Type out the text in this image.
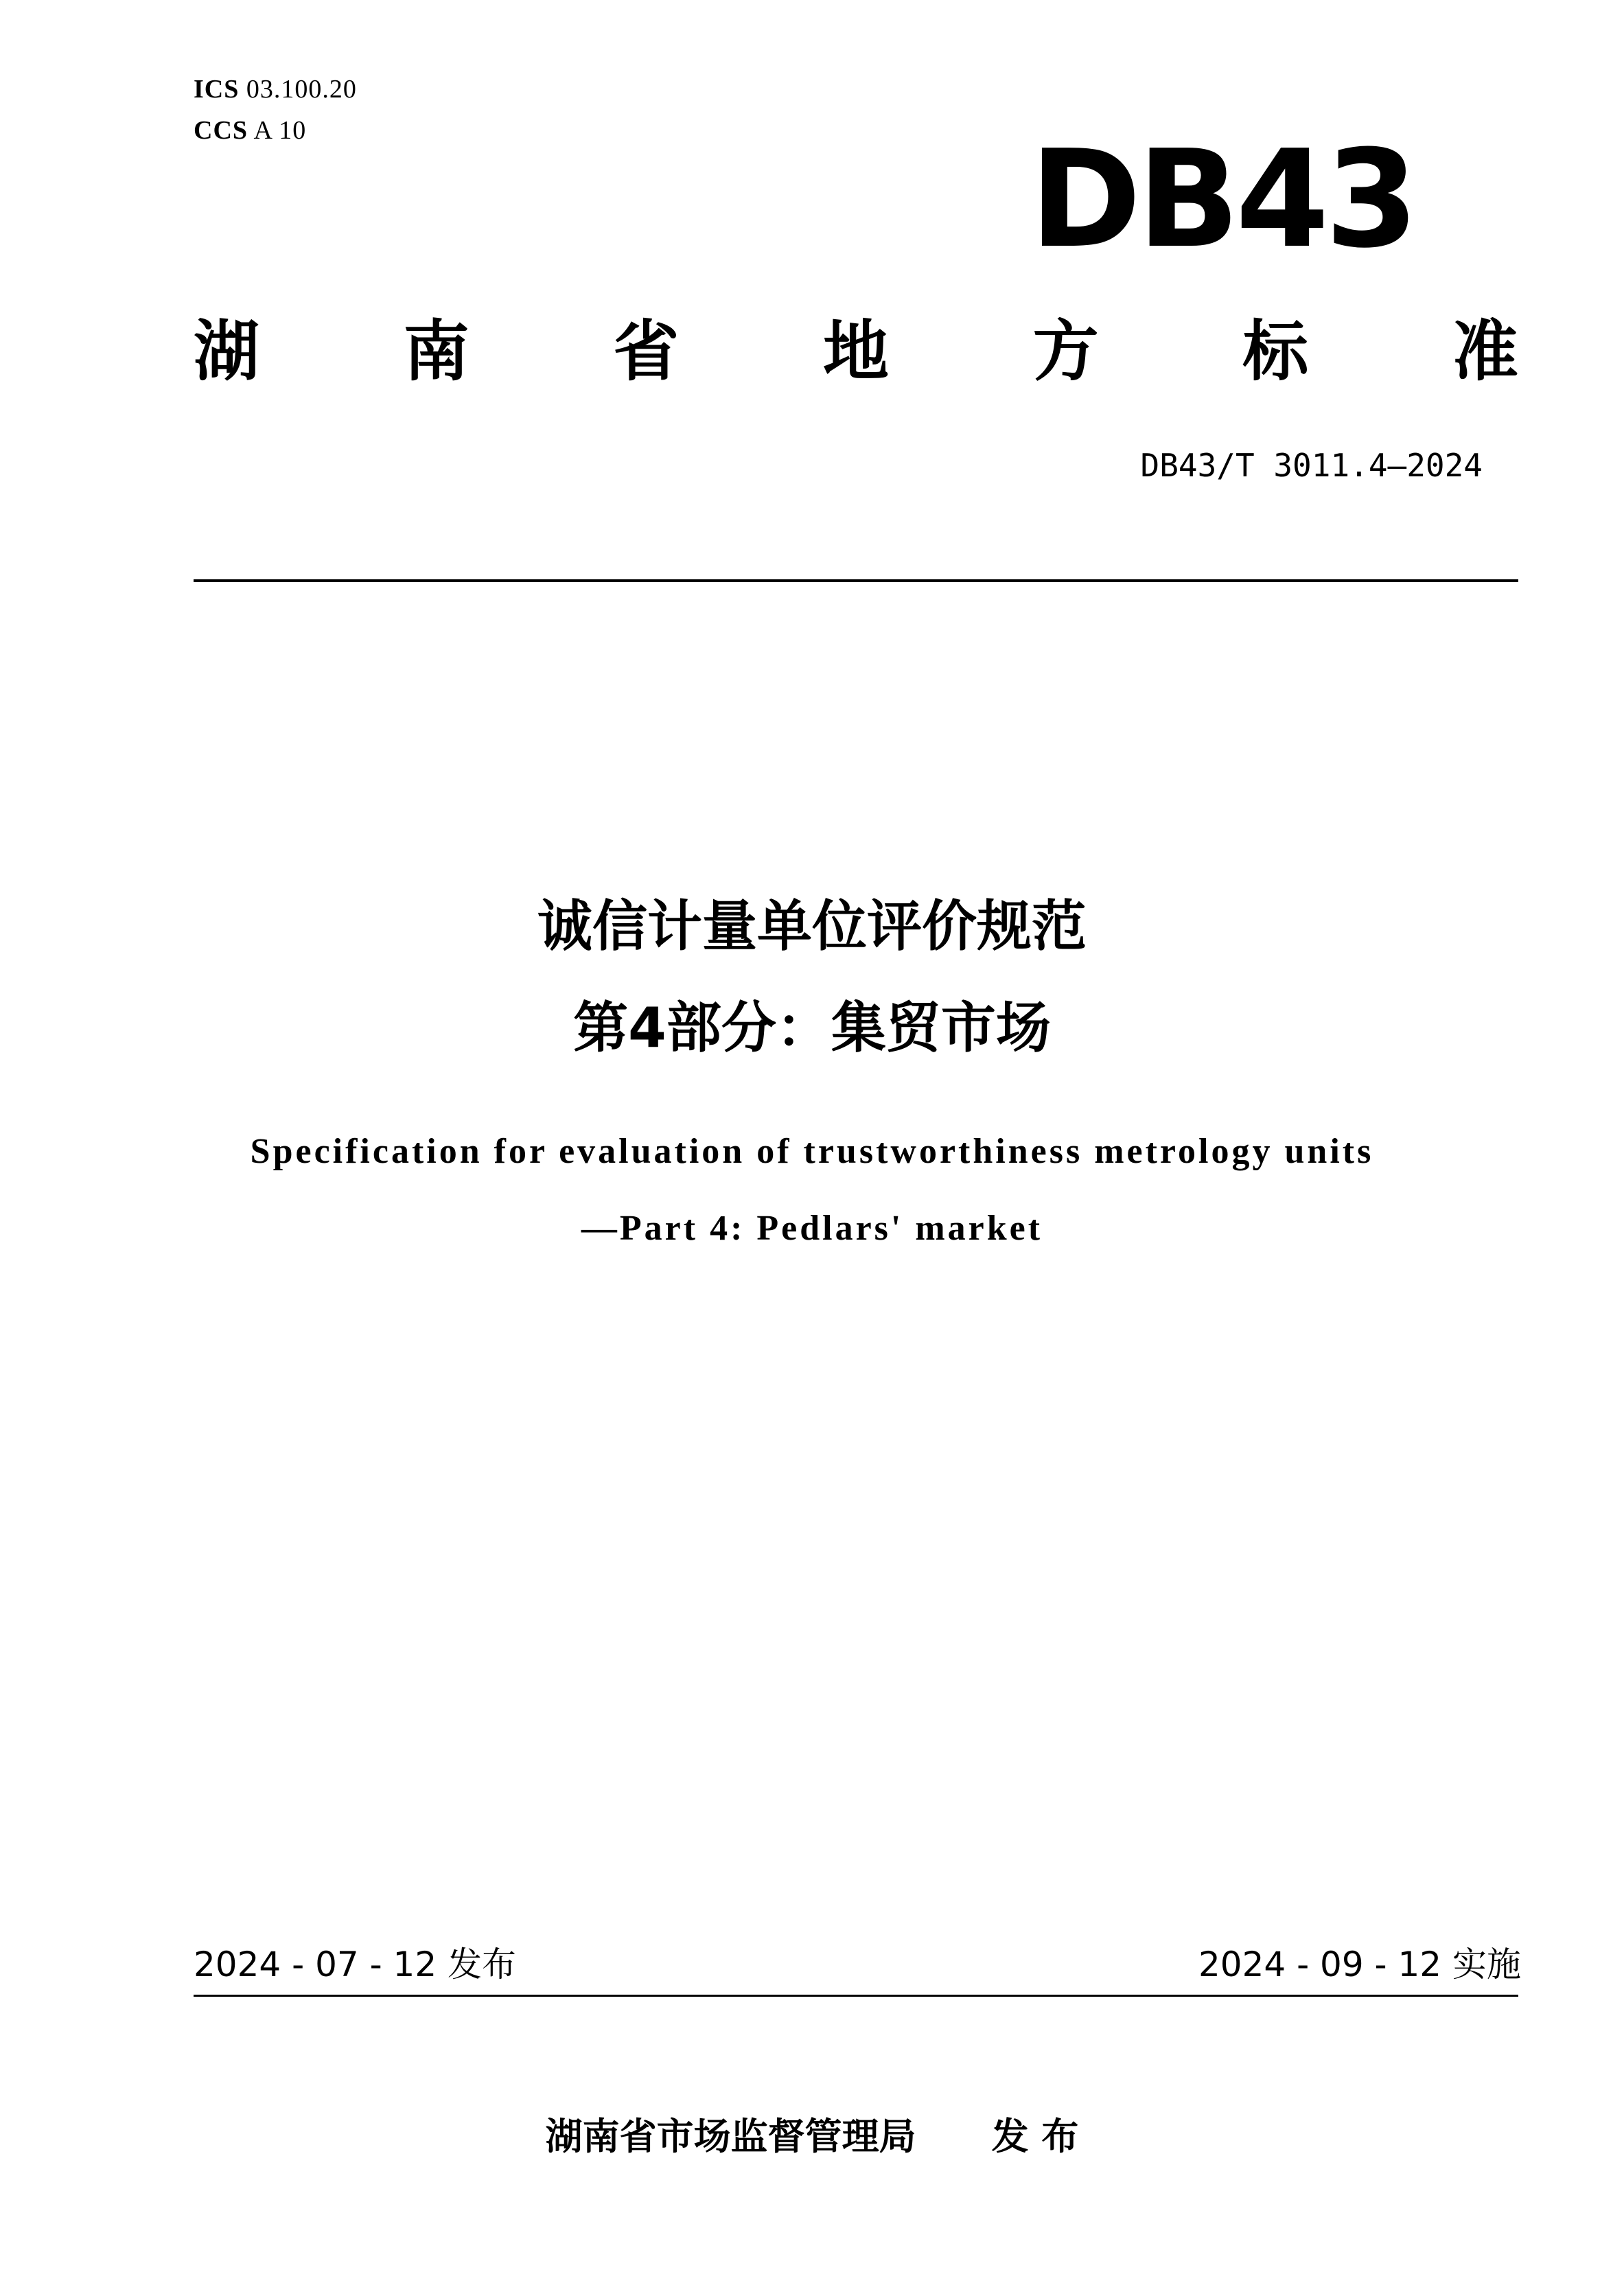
ICS 03.100.20
CCS A 10	DB43
湖 南 省 地 方 标 准
DB43/T 3011.4—2024
诚信计量单位评价规范
第4部分：集贸市场
Specification for evaluation of trustworthiness metrology units
—Part 4: Pedlars' market
2024 - 07 - 12 发布	2024 - 09 - 12 实施
湖南省市场监督管理局 发 布
